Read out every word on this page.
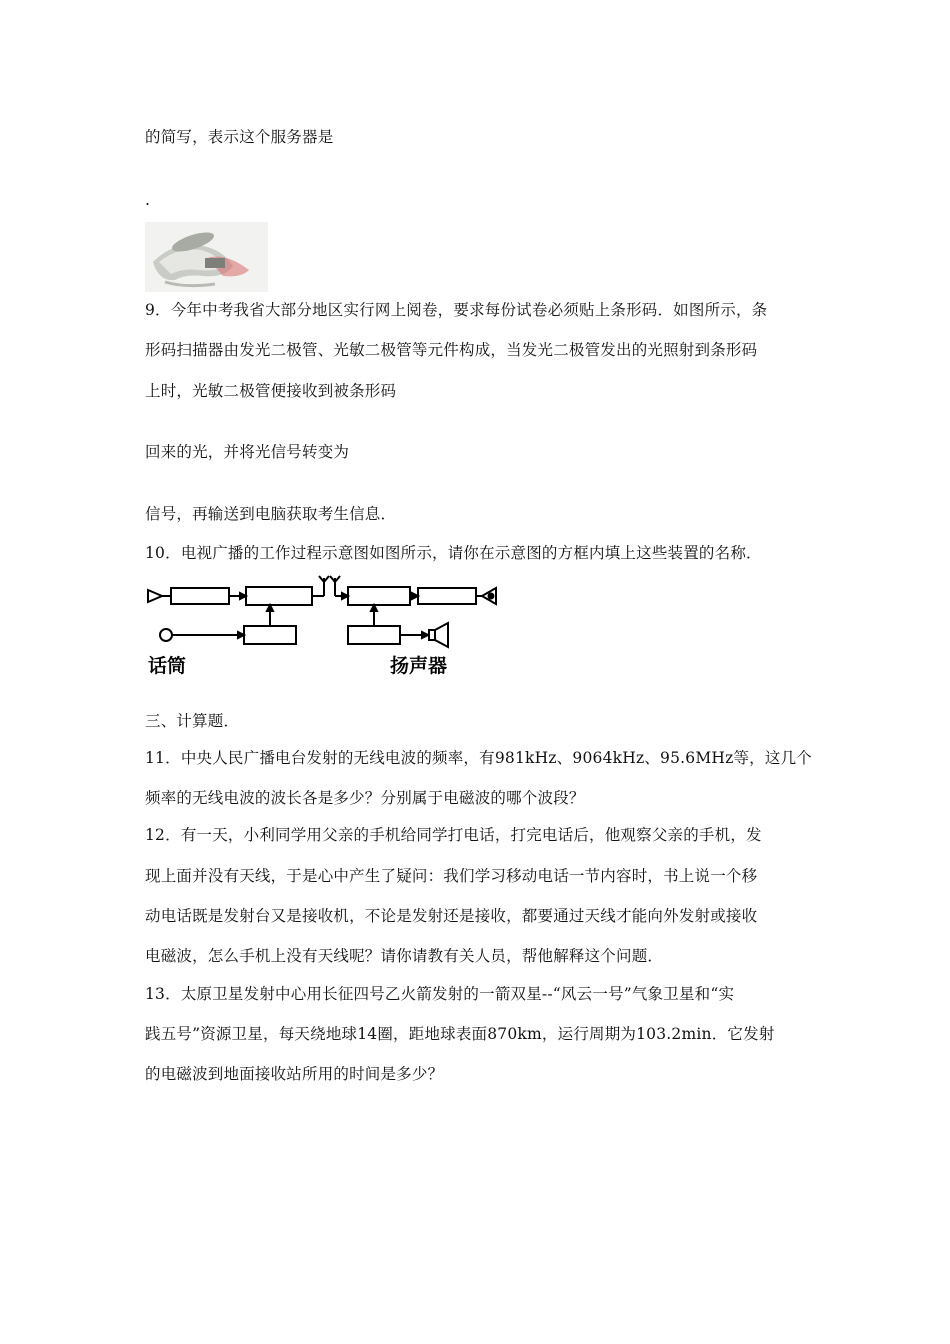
的简写，表示这个服务器是
.
9．今年中考我省大部分地区实行网上阅卷，要求每份试卷必须贴上条形码．如图所示，条
形码扫描器由发光二极管、光敏二极管等元件构成，当发光二极管发出的光照射到条形码
上时，光敏二极管便接收到被条形码
回来的光，并将光信号转变为
信号，再输送到电脑获取考生信息．
10．电视广播的工作过程示意图如图所示，请你在示意图的方框内填上这些装置的名称．
话筒	扬声器
三、计算题．
11．中央人民广播电台发射的无线电波的频率，有981kHz、9064kHz、95.6MHz等，这几个
频率的无线电波的波长各是多少？分别属于电磁波的哪个波段？
12．有一天，小利同学用父亲的手机给同学打电话，打完电话后，他观察父亲的手机，发
现上面并没有天线，于是心中产生了疑问：我们学习移动电话一节内容时，书上说一个移
动电话既是发射台又是接收机，不论是发射还是接收，都要通过天线才能向外发射或接收
电磁波，怎么手机上没有天线呢？请你请教有关人员，帮他解释这个问题．
13．太原卫星发射中心用长征四号乙火箭发射的一箭双星--“风云一号”气象卫星和“实
践五号”资源卫星，每天绕地球14圈，距地球表面870km，运行周期为103.2min．它发射
的电磁波到地面接收站所用的时间是多少？
